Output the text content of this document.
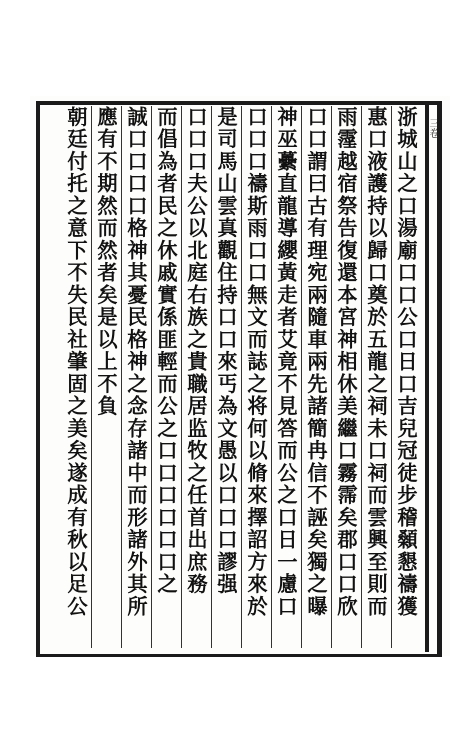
三卷
浙城山之口湯廟口口公口日口吉兒冠徒步稽顙懇禱獲
惠口液護持以歸口奠於五龍之祠未口祠而雲興至則而
雨霪越宿祭告復還本宮神相休美繼口霧霈矣郡口口欣
口口謂曰古有理宛兩隨車兩先諸簡冉信不誣矣獨之曝
神巫虆直龍導纓黃走者艾竟不見答而公之口日一慮口
口口口禱斯雨口口無文而誌之将何以脩來擇詔方來於
是司馬山雲真觀住持口口來丐為文愚以口口口謬强
口口口夫公以北庭右族之貴職居监牧之任首出庶務
而倡為者民之休戚實係匪輕而公之口口口口口口之
誠口口口口格神其憂民格神之念存諸中而形諸外其所
應有不期然而然者矣是以上不負
朝廷付托之意下不失民社肇固之美矣遂成有秋以足公
